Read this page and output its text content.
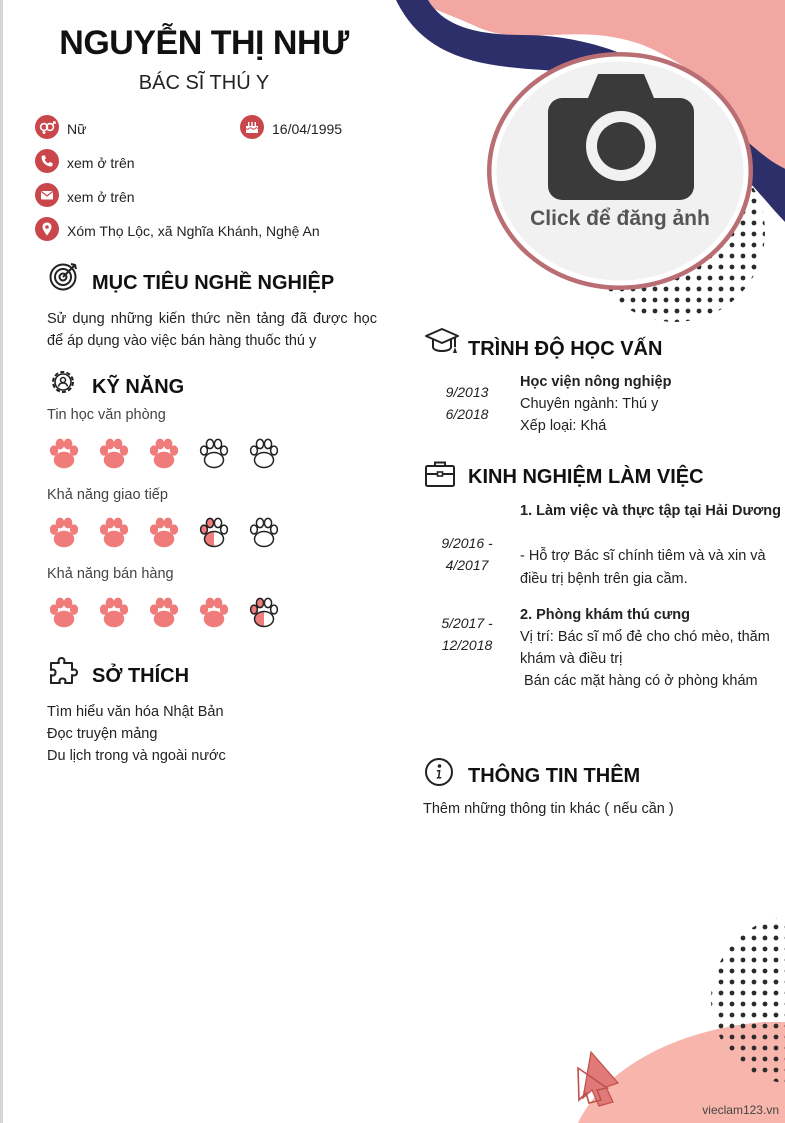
Click để đăng ảnh
NGUYỄN THỊ NHƯ
BÁC SĨ THÚ Y
Nữ	16/04/1995
xem ở trên
xem ở trên
Xóm Thọ Lộc, xã Nghĩa Khánh, Nghệ An
MỤC TIÊU NGHỀ NGHIỆP
Sử dụng những kiến thức nền tảng đã được học
để áp dụng vào việc bán hàng thuốc thú y
KỸ NĂNG
Tin học văn phòng
Khả năng giao tiếp
Khả năng bán hàng
SỞ THÍCH
Tìm hiểu văn hóa Nhật Bản
Đọc truyện mảng
Du lịch trong và ngoài nước
TRÌNH ĐỘ HỌC VẤN
9/2013
6/2018
Học viện nông nghiệp
Chuyên ngành: Thú y
Xếp loại: Khá
KINH NGHIỆM LÀM VIỆC
1. Làm việc và thực tập tại Hải Dương
9/2016 -
4/2017
- Hỗ trợ Bác sĩ chính tiêm và và xin và
điều trị bệnh trên gia cầm.
2. Phòng khám thú cưng
5/2017 -
12/2018	Vị trí: Bác sĩ mổ đẻ cho chó mèo, thăm
khám và điều trị
Bán các mặt hàng có ở phòng khám
THÔNG TIN THÊM
Thêm những thông tin khác ( nếu cần )
vieclam123.vn
